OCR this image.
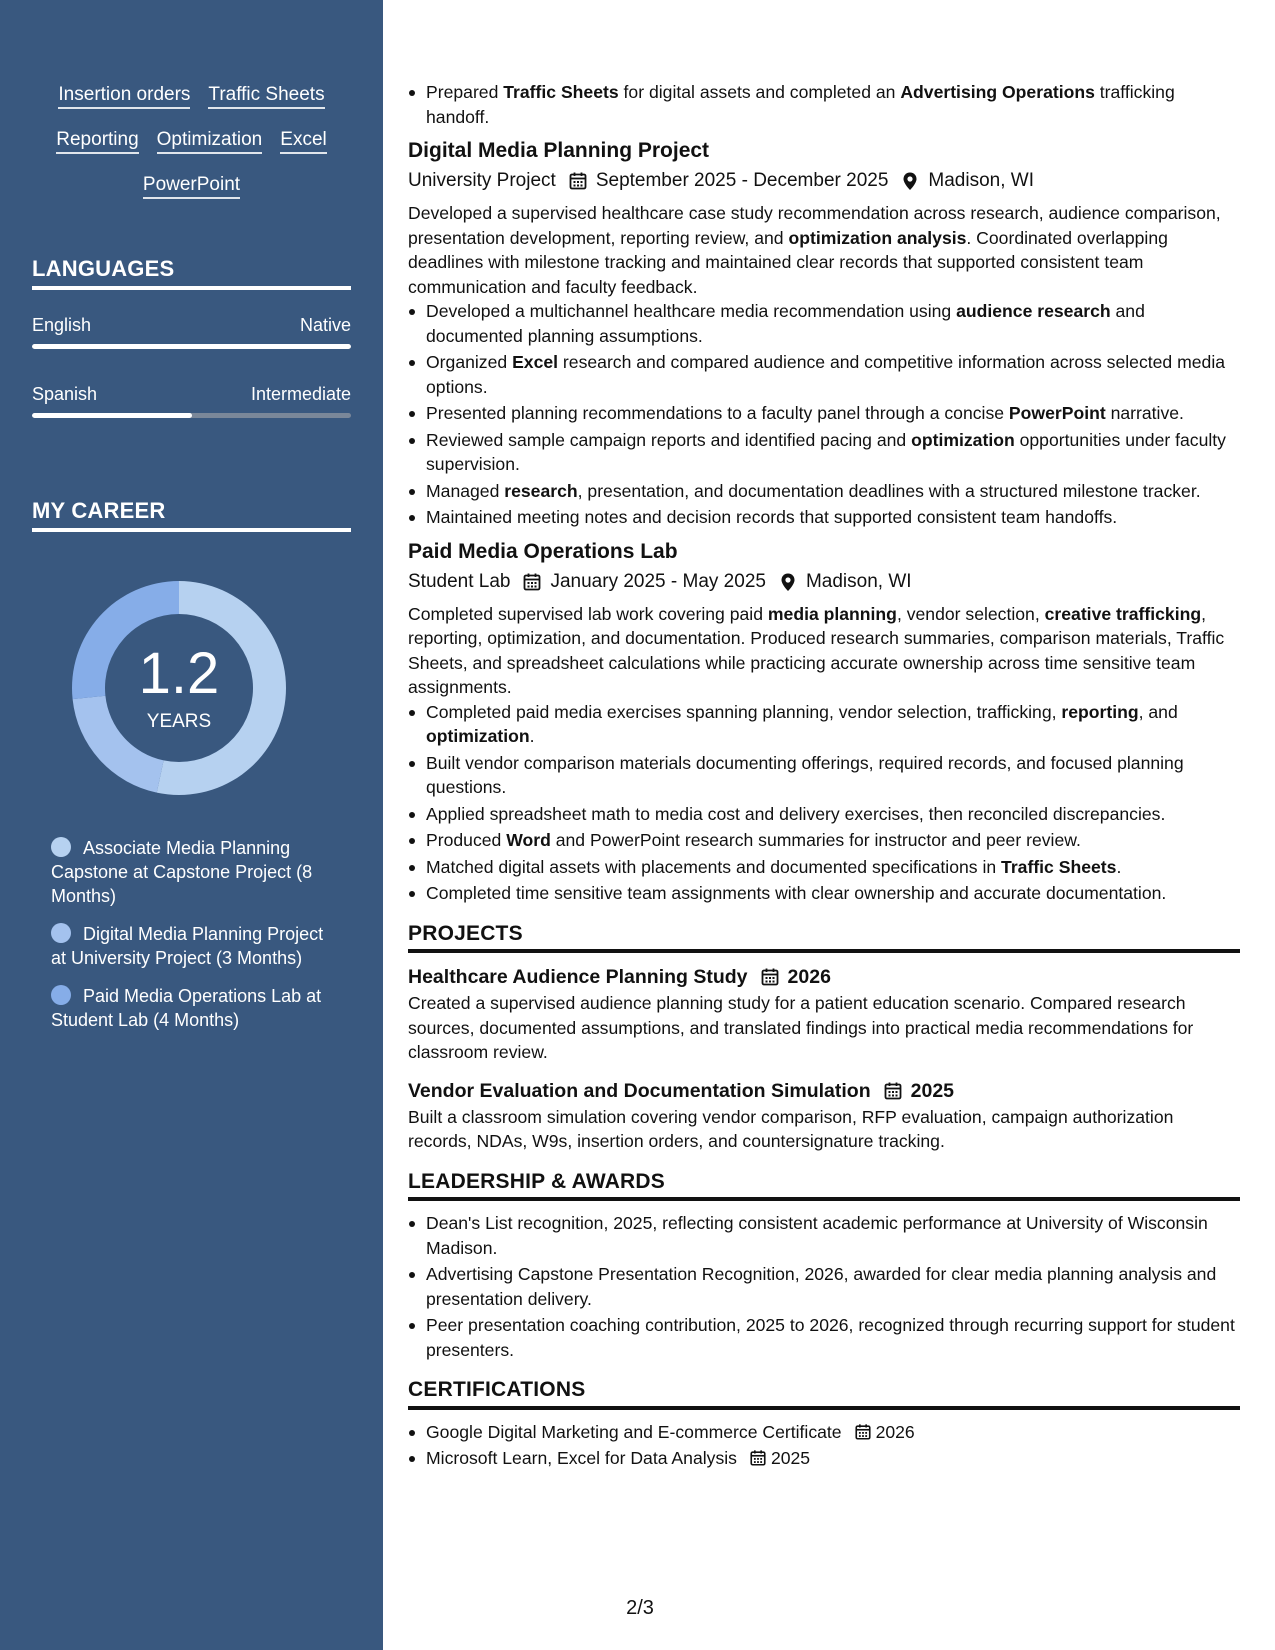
Insertion orders Traffic Sheets
Reporting Optimization Excel
PowerPoint
LANGUAGES
English	Native
Spanish	Intermediate
MY CAREER
1.2
YEARS
Associate Media Planning Capstone at Capstone Project (8 Months)
Digital Media Planning Project at University Project (3 Months)
Paid Media Operations Lab at Student Lab (4 Months)
Prepared Traffic Sheets for digital assets and completed an Advertising Operations trafficking handoff.
Digital Media Planning Project
University Project September 2025 - December 2025 Madison, WI
Developed a supervised healthcare case study recommendation across research, audience comparison, presentation development, reporting review, and optimization analysis. Coordinated overlapping deadlines with milestone tracking and maintained clear records that supported consistent team communication and faculty feedback.
Developed a multichannel healthcare media recommendation using audience research and documented planning assumptions.
Organized Excel research and compared audience and competitive information across selected media options.
Presented planning recommendations to a faculty panel through a concise PowerPoint narrative.
Reviewed sample campaign reports and identified pacing and optimization opportunities under faculty supervision.
Managed research, presentation, and documentation deadlines with a structured milestone tracker.
Maintained meeting notes and decision records that supported consistent team handoffs.
Paid Media Operations Lab
Student Lab January 2025 - May 2025 Madison, WI
Completed supervised lab work covering paid media planning, vendor selection, creative trafficking, reporting, optimization, and documentation. Produced research summaries, comparison materials, Traffic Sheets, and spreadsheet calculations while practicing accurate ownership across time sensitive team assignments.
Completed paid media exercises spanning planning, vendor selection, trafficking, reporting, and optimization.
Built vendor comparison materials documenting offerings, required records, and focused planning questions.
Applied spreadsheet math to media cost and delivery exercises, then reconciled discrepancies.
Produced Word and PowerPoint research summaries for instructor and peer review.
Matched digital assets with placements and documented specifications in Traffic Sheets.
Completed time sensitive team assignments with clear ownership and accurate documentation.
PROJECTS
Healthcare Audience Planning Study 2026
Created a supervised audience planning study for a patient education scenario. Compared research sources, documented assumptions, and translated findings into practical media recommendations for classroom review.
Vendor Evaluation and Documentation Simulation 2025
Built a classroom simulation covering vendor comparison, RFP evaluation, campaign authorization records, NDAs, W9s, insertion orders, and countersignature tracking.
LEADERSHIP & AWARDS
Dean's List recognition, 2025, reflecting consistent academic performance at University of Wisconsin Madison.
Advertising Capstone Presentation Recognition, 2026, awarded for clear media planning analysis and presentation delivery.
Peer presentation coaching contribution, 2025 to 2026, recognized through recurring support for student presenters.
CERTIFICATIONS
Google Digital Marketing and E-commerce Certificate 2026
Microsoft Learn, Excel for Data Analysis 2025
2/3
